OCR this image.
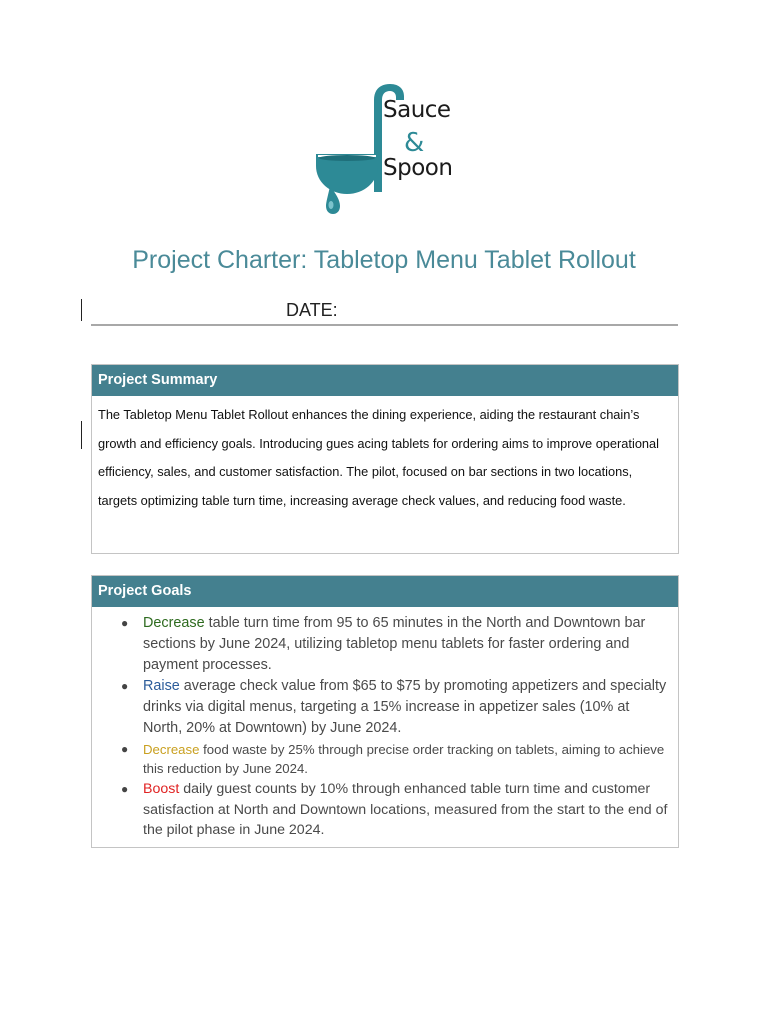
Sauce
&
Spoon
Project Charter: Tabletop Menu Tablet Rollout
DATE:
Project Summary
The Tabletop Menu Tablet Rollout enhances the dining experience, aiding the restaurant chain’s growth and efficiency goals. Introducing gues acing tablets for ordering aims to improve operational efficiency, sales, and customer satisfaction. The pilot, focused on bar sections in two locations, targets optimizing table turn time, increasing average check values, and reducing food waste.
Project Goals
● Decrease table turn time from 95 to 65 minutes in the North and Downtown bar sections by June 2024, utilizing tabletop menu tablets for faster ordering and payment processes.
● Raise average check value from $65 to $75 by promoting appetizers and specialty drinks via digital menus, targeting a 15% increase in appetizer sales (10% at North, 20% at Downtown) by June 2024.
● Decrease food waste by 25% through precise order tracking on tablets, aiming to achieve this reduction by June 2024.
● Boost daily guest counts by 10% through enhanced table turn time and customer satisfaction at North and Downtown locations, measured from the start to the end of the pilot phase in June 2024.
